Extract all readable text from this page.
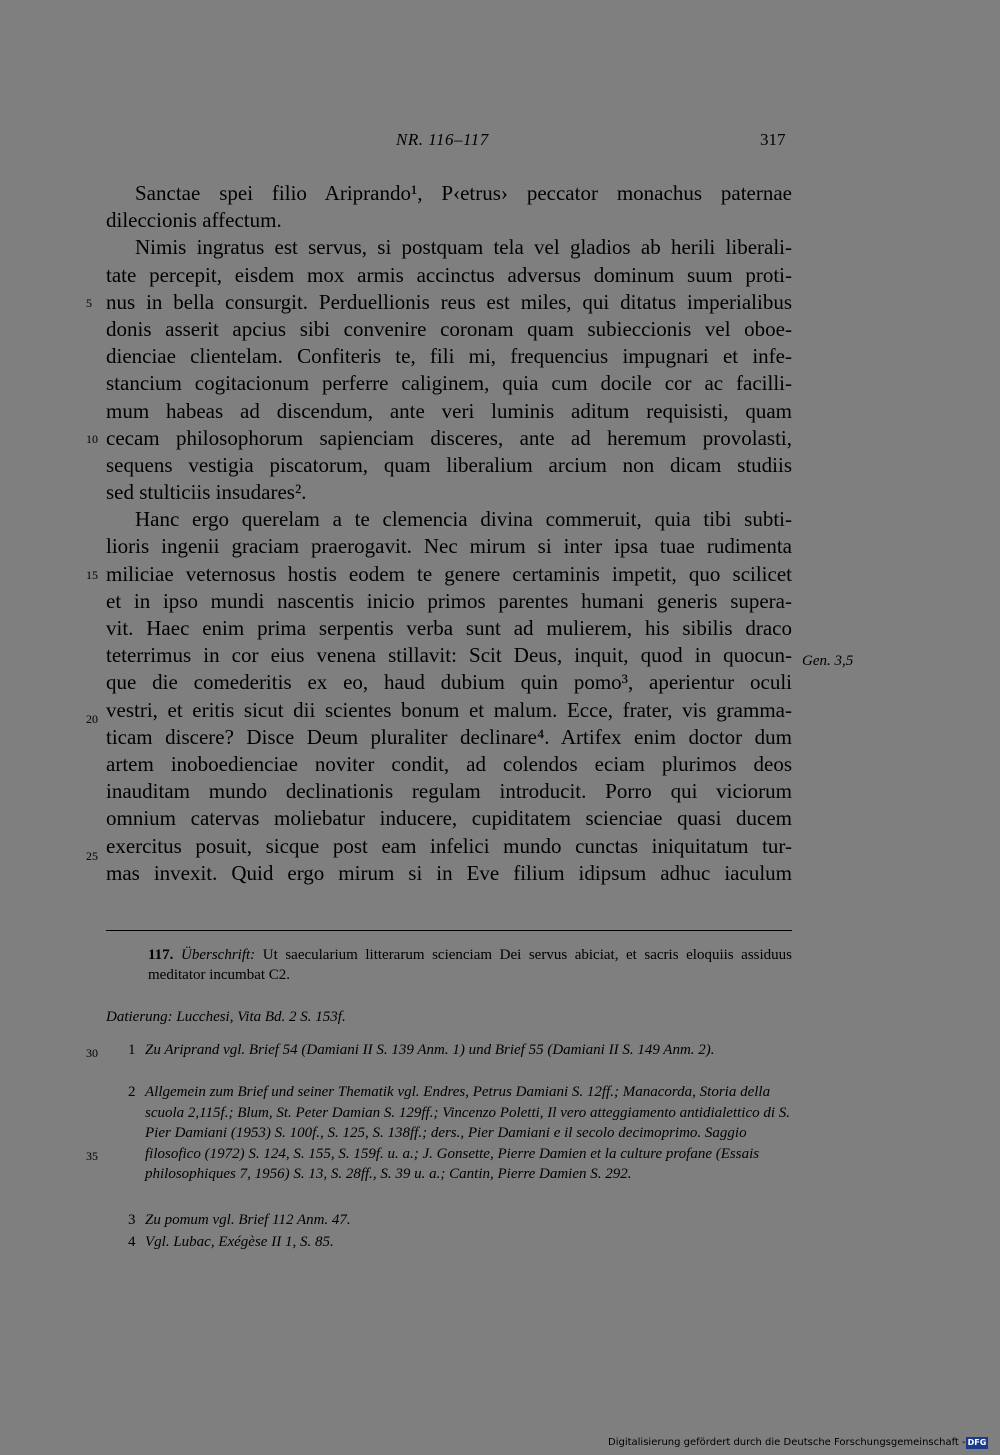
NR. 116–117	317
Sanctae spei filio Ariprando¹, P‹etrus› peccator monachus paternae
dileccionis affectum.
Nimis ingratus est servus, si postquam tela vel gladios ab herili liberali-
tate percepit, eisdem mox armis accinctus adversus dominum suum proti-
nus in bella consurgit. Perduellionis reus est miles, qui ditatus imperialibus
donis asserit apcius sibi convenire coronam quam subieccionis vel oboe-
dienciae clientelam. Confiteris te, fili mi, frequencius impugnari et infe-
stancium cogitacionum perferre caliginem, quia cum docile cor ac facilli-
mum habeas ad discendum, ante veri luminis aditum requisisti, quam
cecam philosophorum sapienciam disceres, ante ad heremum provolasti,
sequens vestigia piscatorum, quam liberalium arcium non dicam studiis
sed stulticiis insudares².
Hanc ergo querelam a te clemencia divina commeruit, quia tibi subti-
lioris ingenii graciam praerogavit. Nec mirum si inter ipsa tuae rudimenta
miliciae veternosus hostis eodem te genere certaminis impetit, quo scilicet
et in ipso mundi nascentis inicio primos parentes humani generis supera-
vit. Haec enim prima serpentis verba sunt ad mulierem, his sibilis draco
teterrimus in cor eius venena stillavit: Scit Deus, inquit, quod in quocun-
que die comederitis ex eo, haud dubium quin pomo³, aperientur oculi
vestri, et eritis sicut dii scientes bonum et malum. Ecce, frater, vis gramma-
ticam discere? Disce Deum pluraliter declinare⁴. Artifex enim doctor dum
artem inoboedienciae noviter condit, ad colendos eciam plurimos deos
inauditam mundo declinationis regulam introducit. Porro qui viciorum
omnium catervas moliebatur inducere, cupiditatem scienciae quasi ducem
exercitus posuit, sicque post eam infelici mundo cunctas iniquitatum tur-
mas invexit. Quid ergo mirum si in Eve filium idipsum adhuc iaculum
5
10
15
20
25
30
35
Gen. 3,5
117. Überschrift: Ut saecularium litterarum scienciam Dei servus abiciat, et sacris eloquiis assiduus meditator incumbat C2.
Datierung: Lucchesi, Vita Bd. 2 S. 153f.
1 Zu Ariprand vgl. Brief 54 (Damiani II S. 139 Anm. 1) und Brief 55 (Damiani II S. 149 Anm. 2).
2 Allgemein zum Brief und seiner Thematik vgl. Endres, Petrus Damiani S. 12ff.; Manacorda, Storia della scuola 2,115f.; Blum, St. Peter Damian S. 129ff.; Vincenzo Poletti, Il vero atteggiamento antidialettico di S. Pier Damiani (1953) S. 100f., S. 125, S. 138ff.; ders., Pier Damiani e il secolo decimoprimo. Saggio filosofico (1972) S. 124, S. 155, S. 159f. u. a.; J. Gonsette, Pierre Damien et la culture profane (Essais philosophiques 7, 1956) S. 13, S. 28ff., S. 39 u. a.; Cantin, Pierre Damien S. 292.
3 Zu pomum vgl. Brief 112 Anm. 47.
4 Vgl. Lubac, Exégèse II 1, S. 85.
Digitalisierung gefördert durch die Deutsche Forschungsgemeinschaft - DFG
